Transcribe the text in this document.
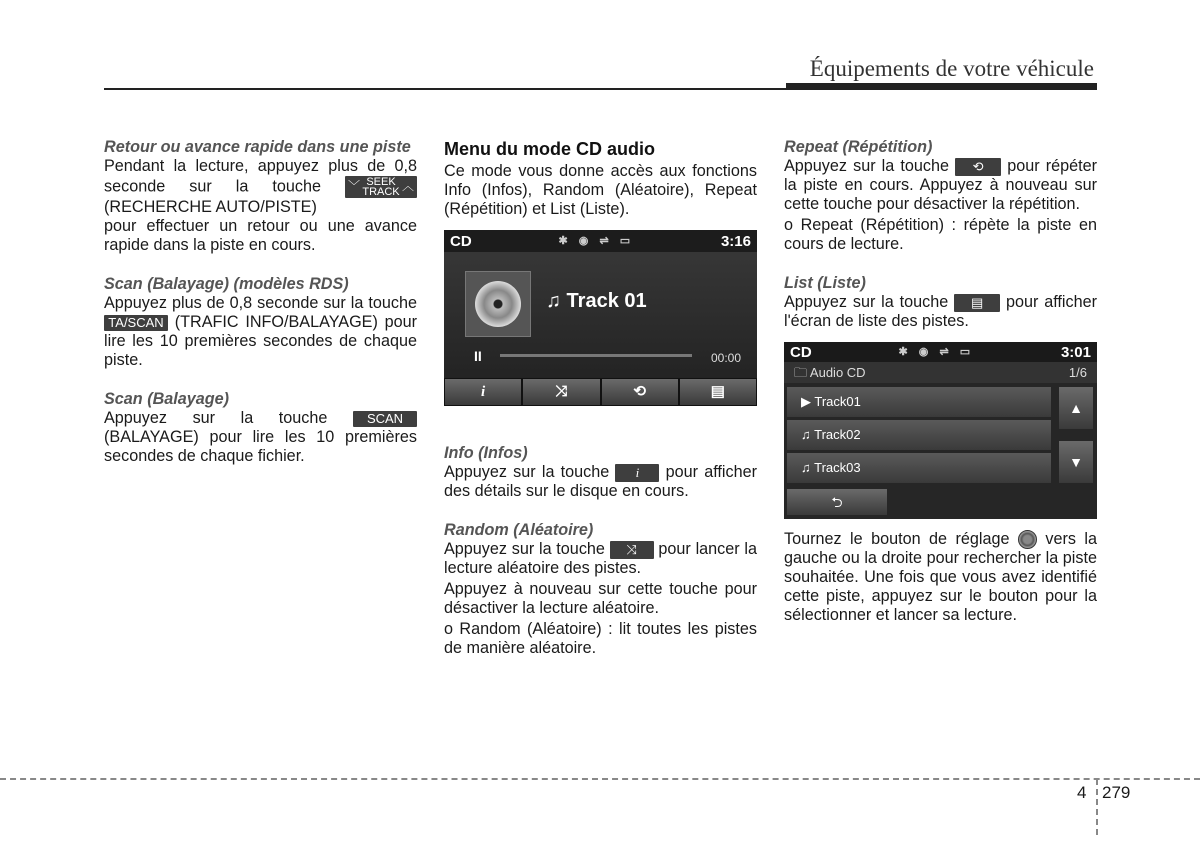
Équipements de votre véhicule

Retour ou avance rapide dans une piste

Pendant la lecture, appuyez plus de 0,8 seconde sur la touche ﹀ SEEK
TRACK ︿
(RECHERCHE AUTO/PISTE)

pour effectuer un retour ou une avance rapide dans la piste en cours.

Scan (Balayage) (modèles RDS)

Appuyez plus de 0,8 seconde sur la touche TA/SCAN (TRAFIC INFO/BALAYAGE) pour lire les 10 premières secondes de chaque piste.

Scan (Balayage)

Appuyez sur la touche	SCAN (BALAYAGE) pour lire les 10 premières secondes de chaque fichier.

Menu du mode CD audio

Ce mode vous donne accès aux fonctions Info (Infos), Random (Aléatoire), Repeat (Répétition) et List (Liste).

CD	✱ ◉ ⇌ ▭	3:16
♫ Track 01
II	00:00
i	⤨	⟲	▤

Info (Infos)

Appuyez sur la touche i pour afficher des détails sur le disque en cours.

Random (Aléatoire)

Appuyez sur la touche ⤨ pour lancer la lecture aléatoire des pistes.

Appuyez à nouveau sur cette touche pour désactiver la lecture aléatoire.

o Random (Aléatoire) : lit toutes les pistes de manière aléatoire.

Repeat (Répétition)

Appuyez sur la touche ⟲ pour répéter la piste en cours. Appuyez à nouveau sur cette touche pour désactiver la répétition.

o Repeat (Répétition) : répète la piste en cours de lecture.

List (Liste)

Appuyez sur la touche ▤ pour afficher l'écran de liste des pistes.

CD	✱ ◉ ⇌ ▭	3:01
🗀 Audio CD	1/6
▶ Track01
♫ Track02
♫ Track03
▲
▼
⮌

Tournez le bouton de réglage vers la gauche ou la droite pour rechercher la piste souhaitée. Une fois que vous avez identifié cette piste, appuyez sur le bouton pour la sélectionner et lancer sa lecture.

4 279
